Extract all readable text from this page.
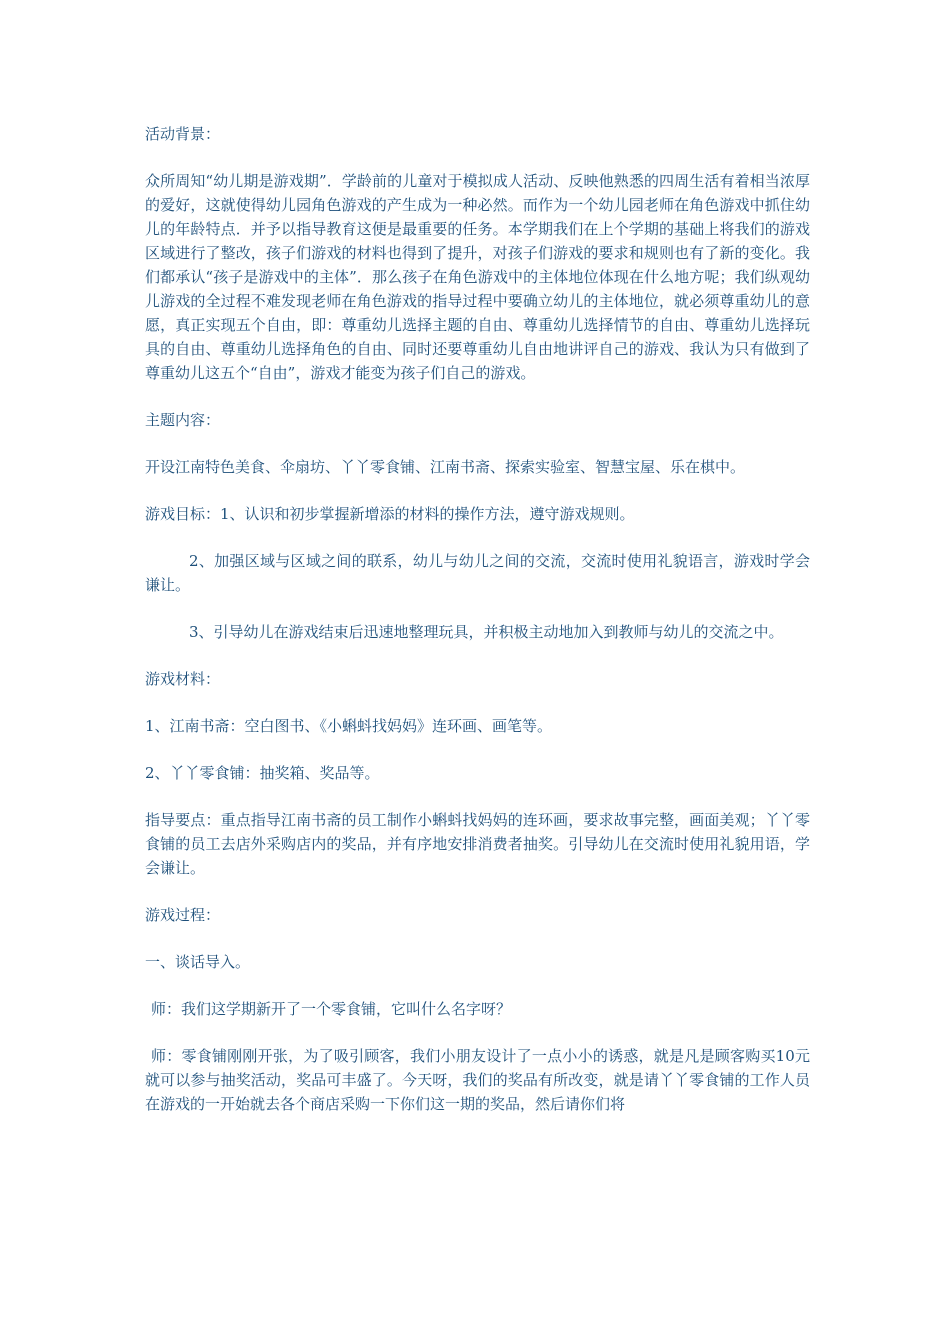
活动背景：

众所周知“幼儿期是游戏期”．学龄前的儿童对于模拟成人活动、反映他熟悉的四周生活有着相当浓厚的爱好，这就使得幼儿园角色游戏的产生成为一种必然。而作为一个幼儿园老师在角色游戏中抓住幼儿的年龄特点．并予以指导教育这便是最重要的任务。本学期我们在上个学期的基础上将我们的游戏区域进行了整改，孩子们游戏的材料也得到了提升，对孩子们游戏的要求和规则也有了新的变化。我们都承认“孩子是游戏中的主体”．那么孩子在角色游戏中的主体地位体现在什么地方呢；我们纵观幼儿游戏的全过程不难发现老师在角色游戏的指导过程中要确立幼儿的主体地位，就必须尊重幼儿的意愿，真正实现五个自由，即：尊重幼儿选择主题的自由、尊重幼儿选择情节的自由、尊重幼儿选择玩具的自由、尊重幼儿选择角色的自由、同时还要尊重幼儿自由地讲评自己的游戏、我认为只有做到了尊重幼儿这五个“自由”，游戏才能变为孩子们自己的游戏。

主题内容：

开设江南特色美食、伞扇坊、丫丫零食铺、江南书斋、探索实验室、智慧宝屋、乐在棋中。

游戏目标：1、认识和初步掌握新增添的材料的操作方法，遵守游戏规则。

2、加强区域与区域之间的联系，幼儿与幼儿之间的交流，交流时使用礼貌语言，游戏时学会谦让。

3、引导幼儿在游戏结束后迅速地整理玩具，并积极主动地加入到教师与幼儿的交流之中。

游戏材料：

1、江南书斋：空白图书、《小蝌蚪找妈妈》连环画、画笔等。

2、丫丫零食铺：抽奖箱、奖品等。

指导要点：重点指导江南书斋的员工制作小蝌蚪找妈妈的连环画，要求故事完整，画面美观；丫丫零食铺的员工去店外采购店内的奖品，并有序地安排消费者抽奖。引导幼儿在交流时使用礼貌用语，学会谦让。

游戏过程：

一、谈话导入。

师：我们这学期新开了一个零食铺，它叫什么名字呀？

师：零食铺刚刚开张，为了吸引顾客，我们小朋友设计了一点小小的诱惑，就是凡是顾客购买10元就可以参与抽奖活动，奖品可丰盛了。今天呀，我们的奖品有所改变，就是请丫丫零食铺的工作人员在游戏的一开始就去各个商店采购一下你们这一期的奖品，然后请你们将
